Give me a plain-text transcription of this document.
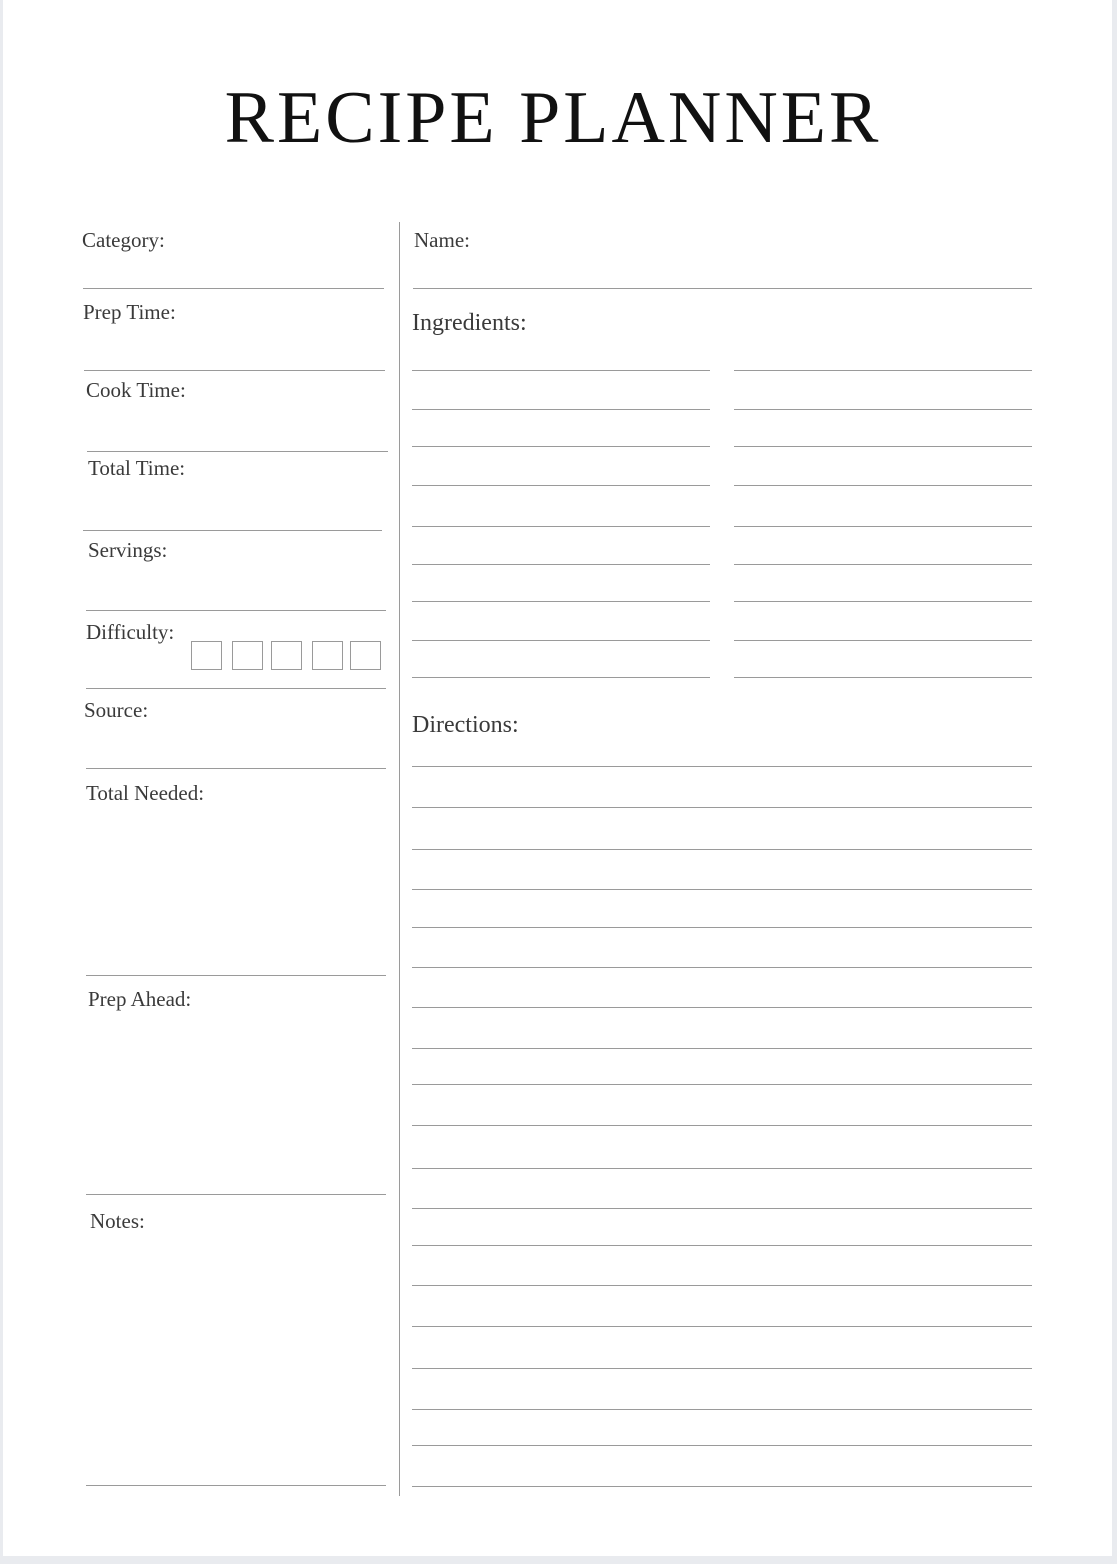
RECIPE PLANNER
Category:
Prep Time:
Cook Time:
Total Time:
Servings:
Difficulty:
Source:
Total Needed:
Prep Ahead:
Notes:
Name:
Ingredients:
Directions:
